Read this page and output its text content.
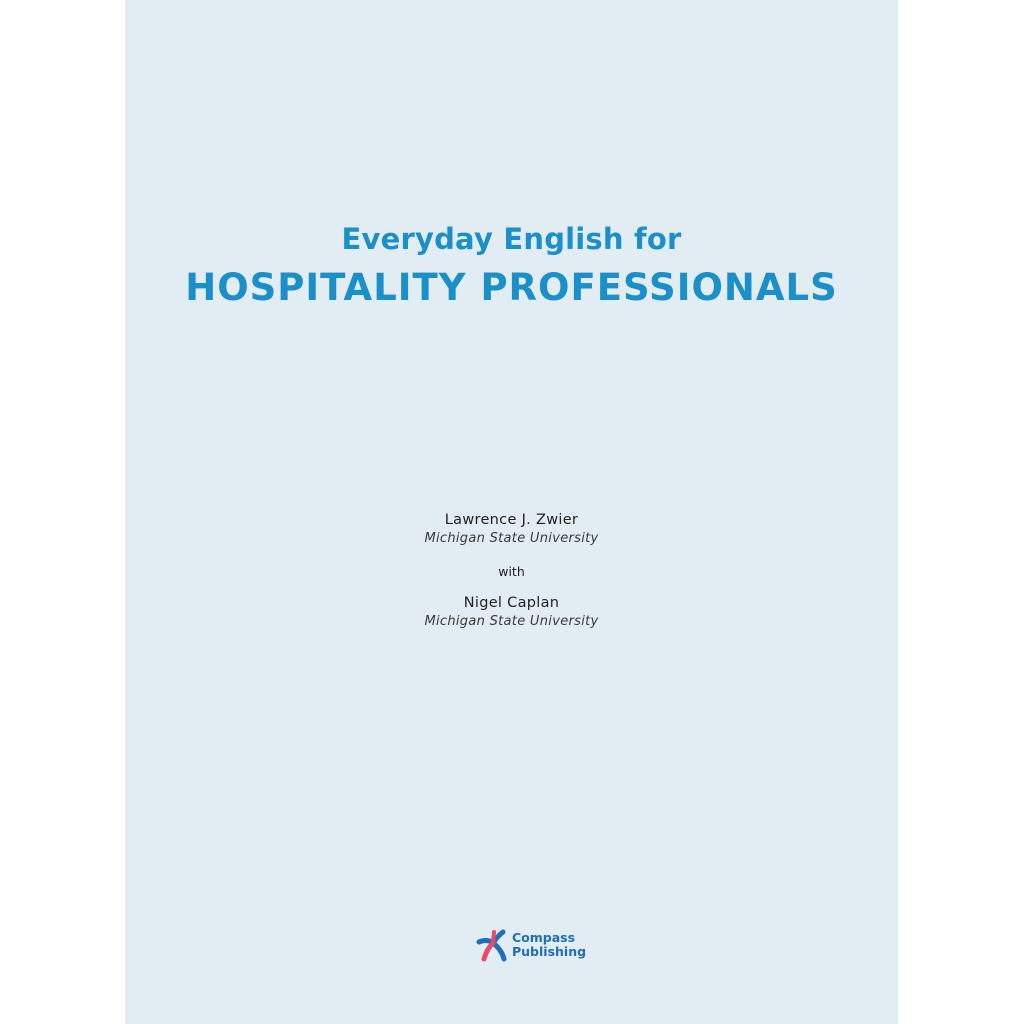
Everyday English for
HOSPITALITY PROFESSIONALS
Lawrence J. Zwier
Michigan State University
with
Nigel Caplan
Michigan State University
Compass
Publishing
